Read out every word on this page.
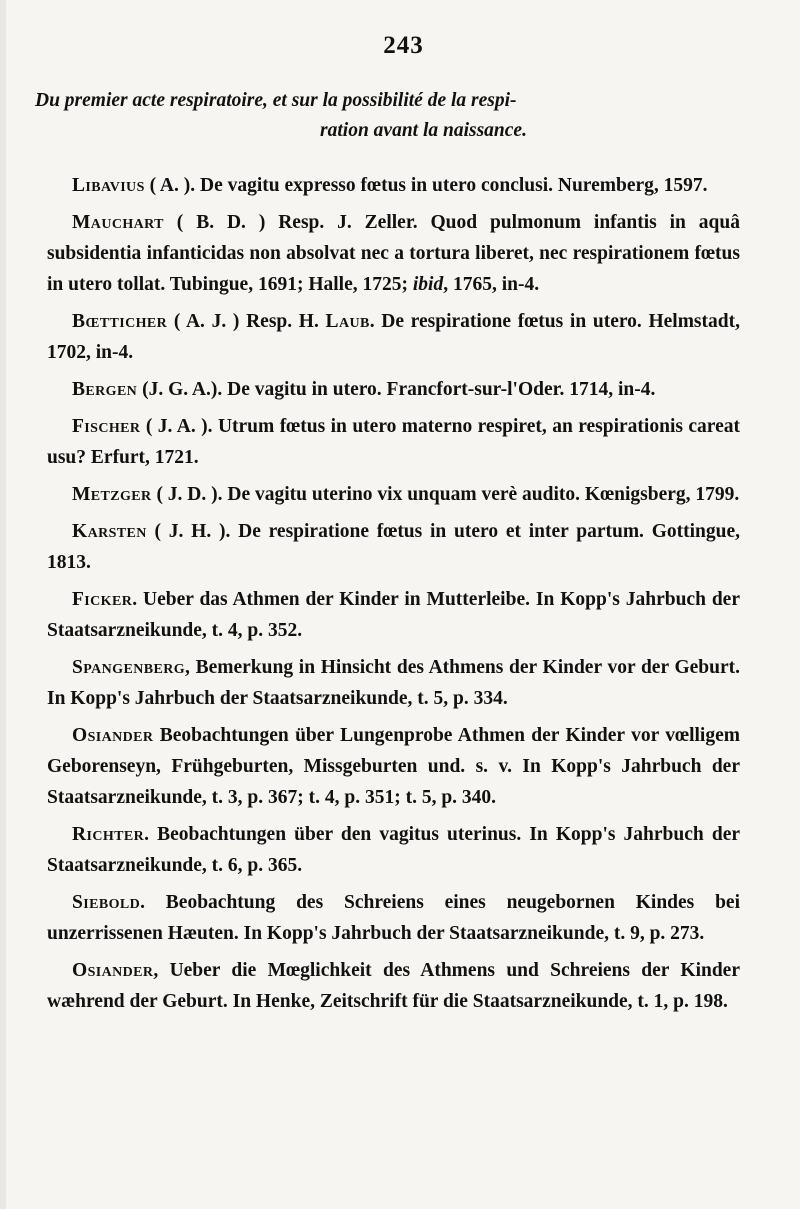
243
Du premier acte respiratoire, et sur la possibilité de la respi-
ration avant la naissance.

Libavius ( A. ). De vagitu expresso fœtus in utero conclusi. Nuremberg, 1597.

Mauchart ( B. D. ) Resp. J. Zeller. Quod pulmonum infantis in aquâ subsidentia infanticidas non absolvat nec a tortura liberet, nec respirationem fœtus in utero tollat. Tubingue, 1691; Halle, 1725; ibid, 1765, in-4.

Bœtticher ( A. J. ) Resp. H. Laub. De respiratione fœtus in utero. Helmstadt, 1702, in-4.

Bergen (J. G. A.). De vagitu in utero. Francfort-sur-l'Oder. 1714, in-4.

Fischer ( J. A. ). Utrum fœtus in utero materno respiret, an respirationis careat usu? Erfurt, 1721.

Metzger ( J. D. ). De vagitu uterino vix unquam verè audito. Kœnigsberg, 1799.

Karsten ( J. H. ). De respiratione fœtus in utero et inter partum. Gottingue, 1813.

Ficker. Ueber das Athmen der Kinder in Mutterleibe. In Kopp's Jahrbuch der Staatsarzneikunde, t. 4, p. 352.

Spangenberg, Bemerkung in Hinsicht des Athmens der Kinder vor der Geburt. In Kopp's Jahrbuch der Staatsarzneikunde, t. 5, p. 334.

Osiander Beobachtungen über Lungenprobe Athmen der Kinder vor vœlligem Geborenseyn, Frühgeburten, Missgeburten und. s. v. In Kopp's Jahrbuch der Staatsarzneikunde, t. 3, p. 367; t. 4, p. 351; t. 5, p. 340.

Richter. Beobachtungen über den vagitus uterinus. In Kopp's Jahrbuch der Staatsarzneikunde, t. 6, p. 365.

Siebold. Beobachtung des Schreiens eines neugebornen Kindes bei unzerrissenen Hæuten. In Kopp's Jahrbuch der Staatsarzneikunde, t. 9, p. 273.

Osiander, Ueber die Mœglichkeit des Athmens und Schreiens der Kinder wæhrend der Geburt. In Henke, Zeitschrift für die Staatsarzneikunde, t. 1, p. 198.
